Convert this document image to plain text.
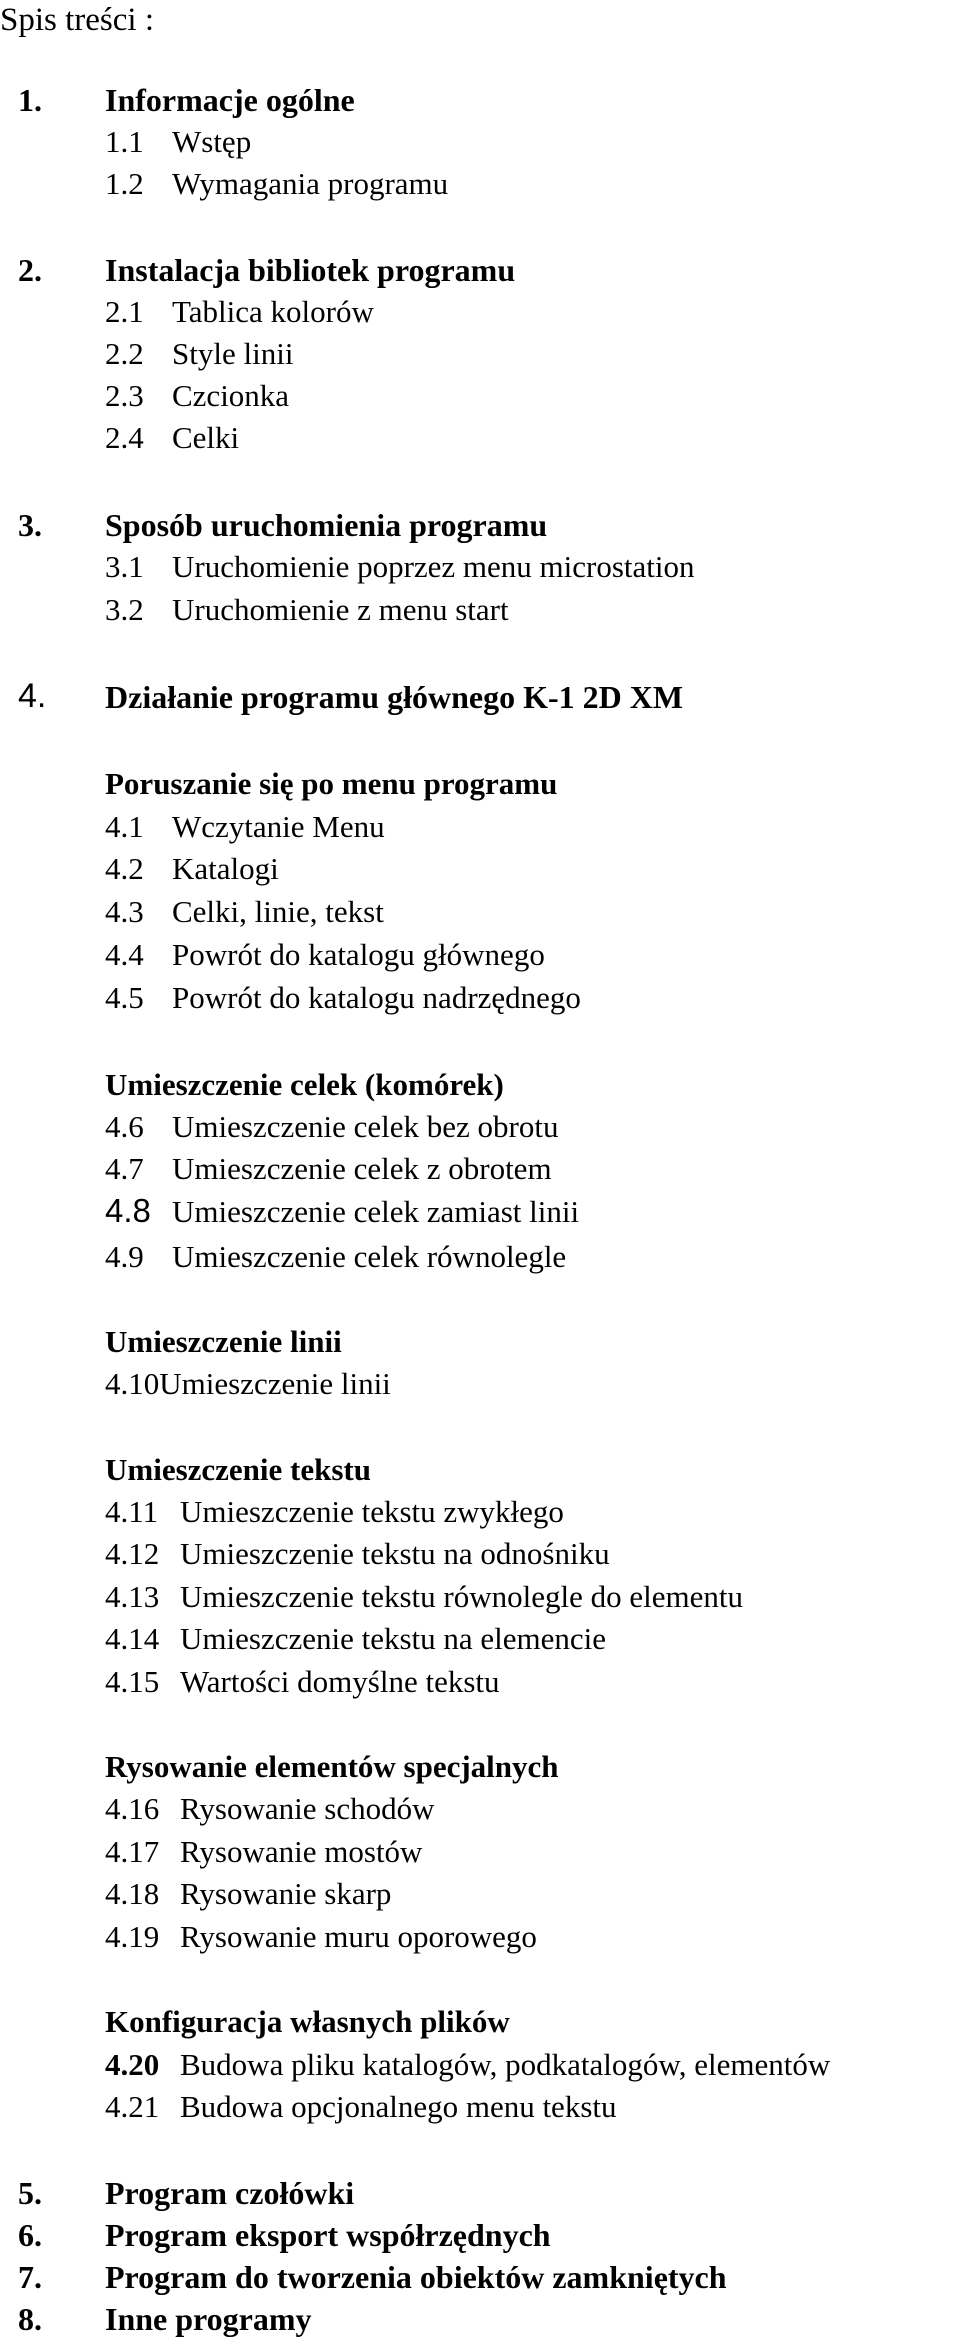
Spis treści :
1. Informacje ogólne
1.1 Wstęp
1.2 Wymagania programu
2. Instalacja bibliotek programu
2.1 Tablica kolorów
2.2 Style linii
2.3 Czcionka
2.4 Celki
3. Sposób uruchomienia programu
3.1 Uruchomienie poprzez menu microstation
3.2 Uruchomienie z menu start
4. Działanie programu głównego K-1 2D XM
Poruszanie się po menu programu
4.1 Wczytanie Menu
4.2 Katalogi
4.3 Celki, linie, tekst
4.4 Powrót do katalogu głównego
4.5 Powrót do katalogu nadrzędnego
Umieszczenie celek (komórek)
4.6 Umieszczenie celek bez obrotu
4.7 Umieszczenie celek z obrotem
4.8 Umieszczenie celek zamiast linii
4.9 Umieszczenie celek równolegle
Umieszczenie linii
4.10Umieszczenie linii
Umieszczenie tekstu
4.11 Umieszczenie tekstu zwykłego
4.12 Umieszczenie tekstu na odnośniku
4.13 Umieszczenie tekstu równolegle do elementu
4.14 Umieszczenie tekstu na elemencie
4.15 Wartości domyślne tekstu
Rysowanie elementów specjalnych
4.16 Rysowanie schodów
4.17 Rysowanie mostów
4.18 Rysowanie skarp
4.19 Rysowanie muru oporowego
Konfiguracja własnych plików
4.20 Budowa pliku katalogów, podkatalogów, elementów
4.21 Budowa opcjonalnego menu tekstu
5. Program czołówki
6. Program eksport współrzędnych
7. Program do tworzenia obiektów zamkniętych
8. Inne programy
